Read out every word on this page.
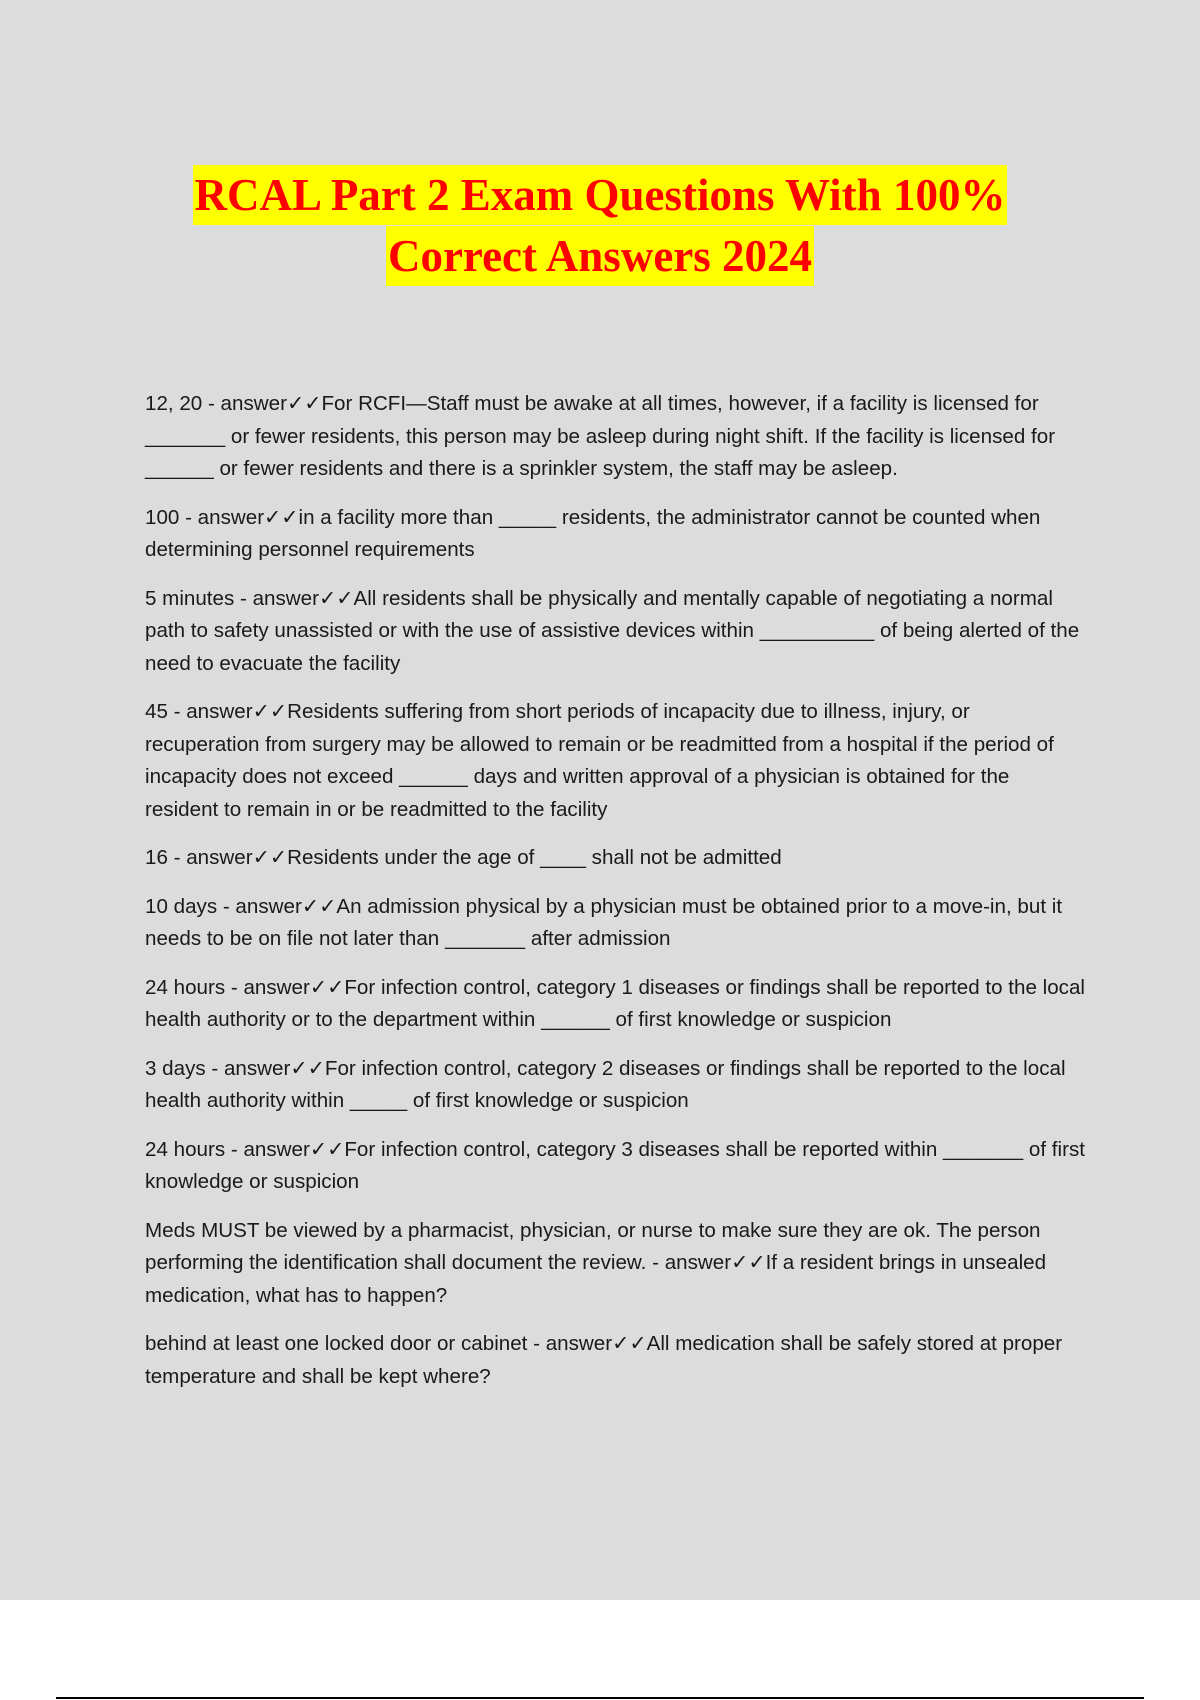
RCAL Part 2 Exam Questions With 100%
Correct Answers 2024

12, 20 - answer✓✓For RCFI—Staff must be awake at all times, however, if a facility is licensed for _______ or fewer residents, this person may be asleep during night shift. If the facility is licensed for ______ or fewer residents and there is a sprinkler system, the staff may be asleep.

100 - answer✓✓in a facility more than _____ residents, the administrator cannot be counted when determining personnel requirements

5 minutes - answer✓✓All residents shall be physically and mentally capable of negotiating a normal path to safety unassisted or with the use of assistive devices within __________ of being alerted of the need to evacuate the facility

45 - answer✓✓Residents suffering from short periods of incapacity due to illness, injury, or recuperation from surgery may be allowed to remain or be readmitted from a hospital if the period of incapacity does not exceed ______ days and written approval of a physician is obtained for the resident to remain in or be readmitted to the facility

16 - answer✓✓Residents under the age of ____ shall not be admitted

10 days - answer✓✓An admission physical by a physician must be obtained prior to a move-in, but it needs to be on file not later than _______ after admission

24 hours - answer✓✓For infection control, category 1 diseases or findings shall be reported to the local health authority or to the department within ______ of first knowledge or suspicion

3 days - answer✓✓For infection control, category 2 diseases or findings shall be reported to the local health authority within _____ of first knowledge or suspicion

24 hours - answer✓✓For infection control, category 3 diseases shall be reported within _______ of first knowledge or suspicion

Meds MUST be viewed by a pharmacist, physician, or nurse to make sure they are ok. The person performing the identification shall document the review. - answer✓✓If a resident brings in unsealed medication, what has to happen?

behind at least one locked door or cabinet - answer✓✓All medication shall be safely stored at proper temperature and shall be kept where?
